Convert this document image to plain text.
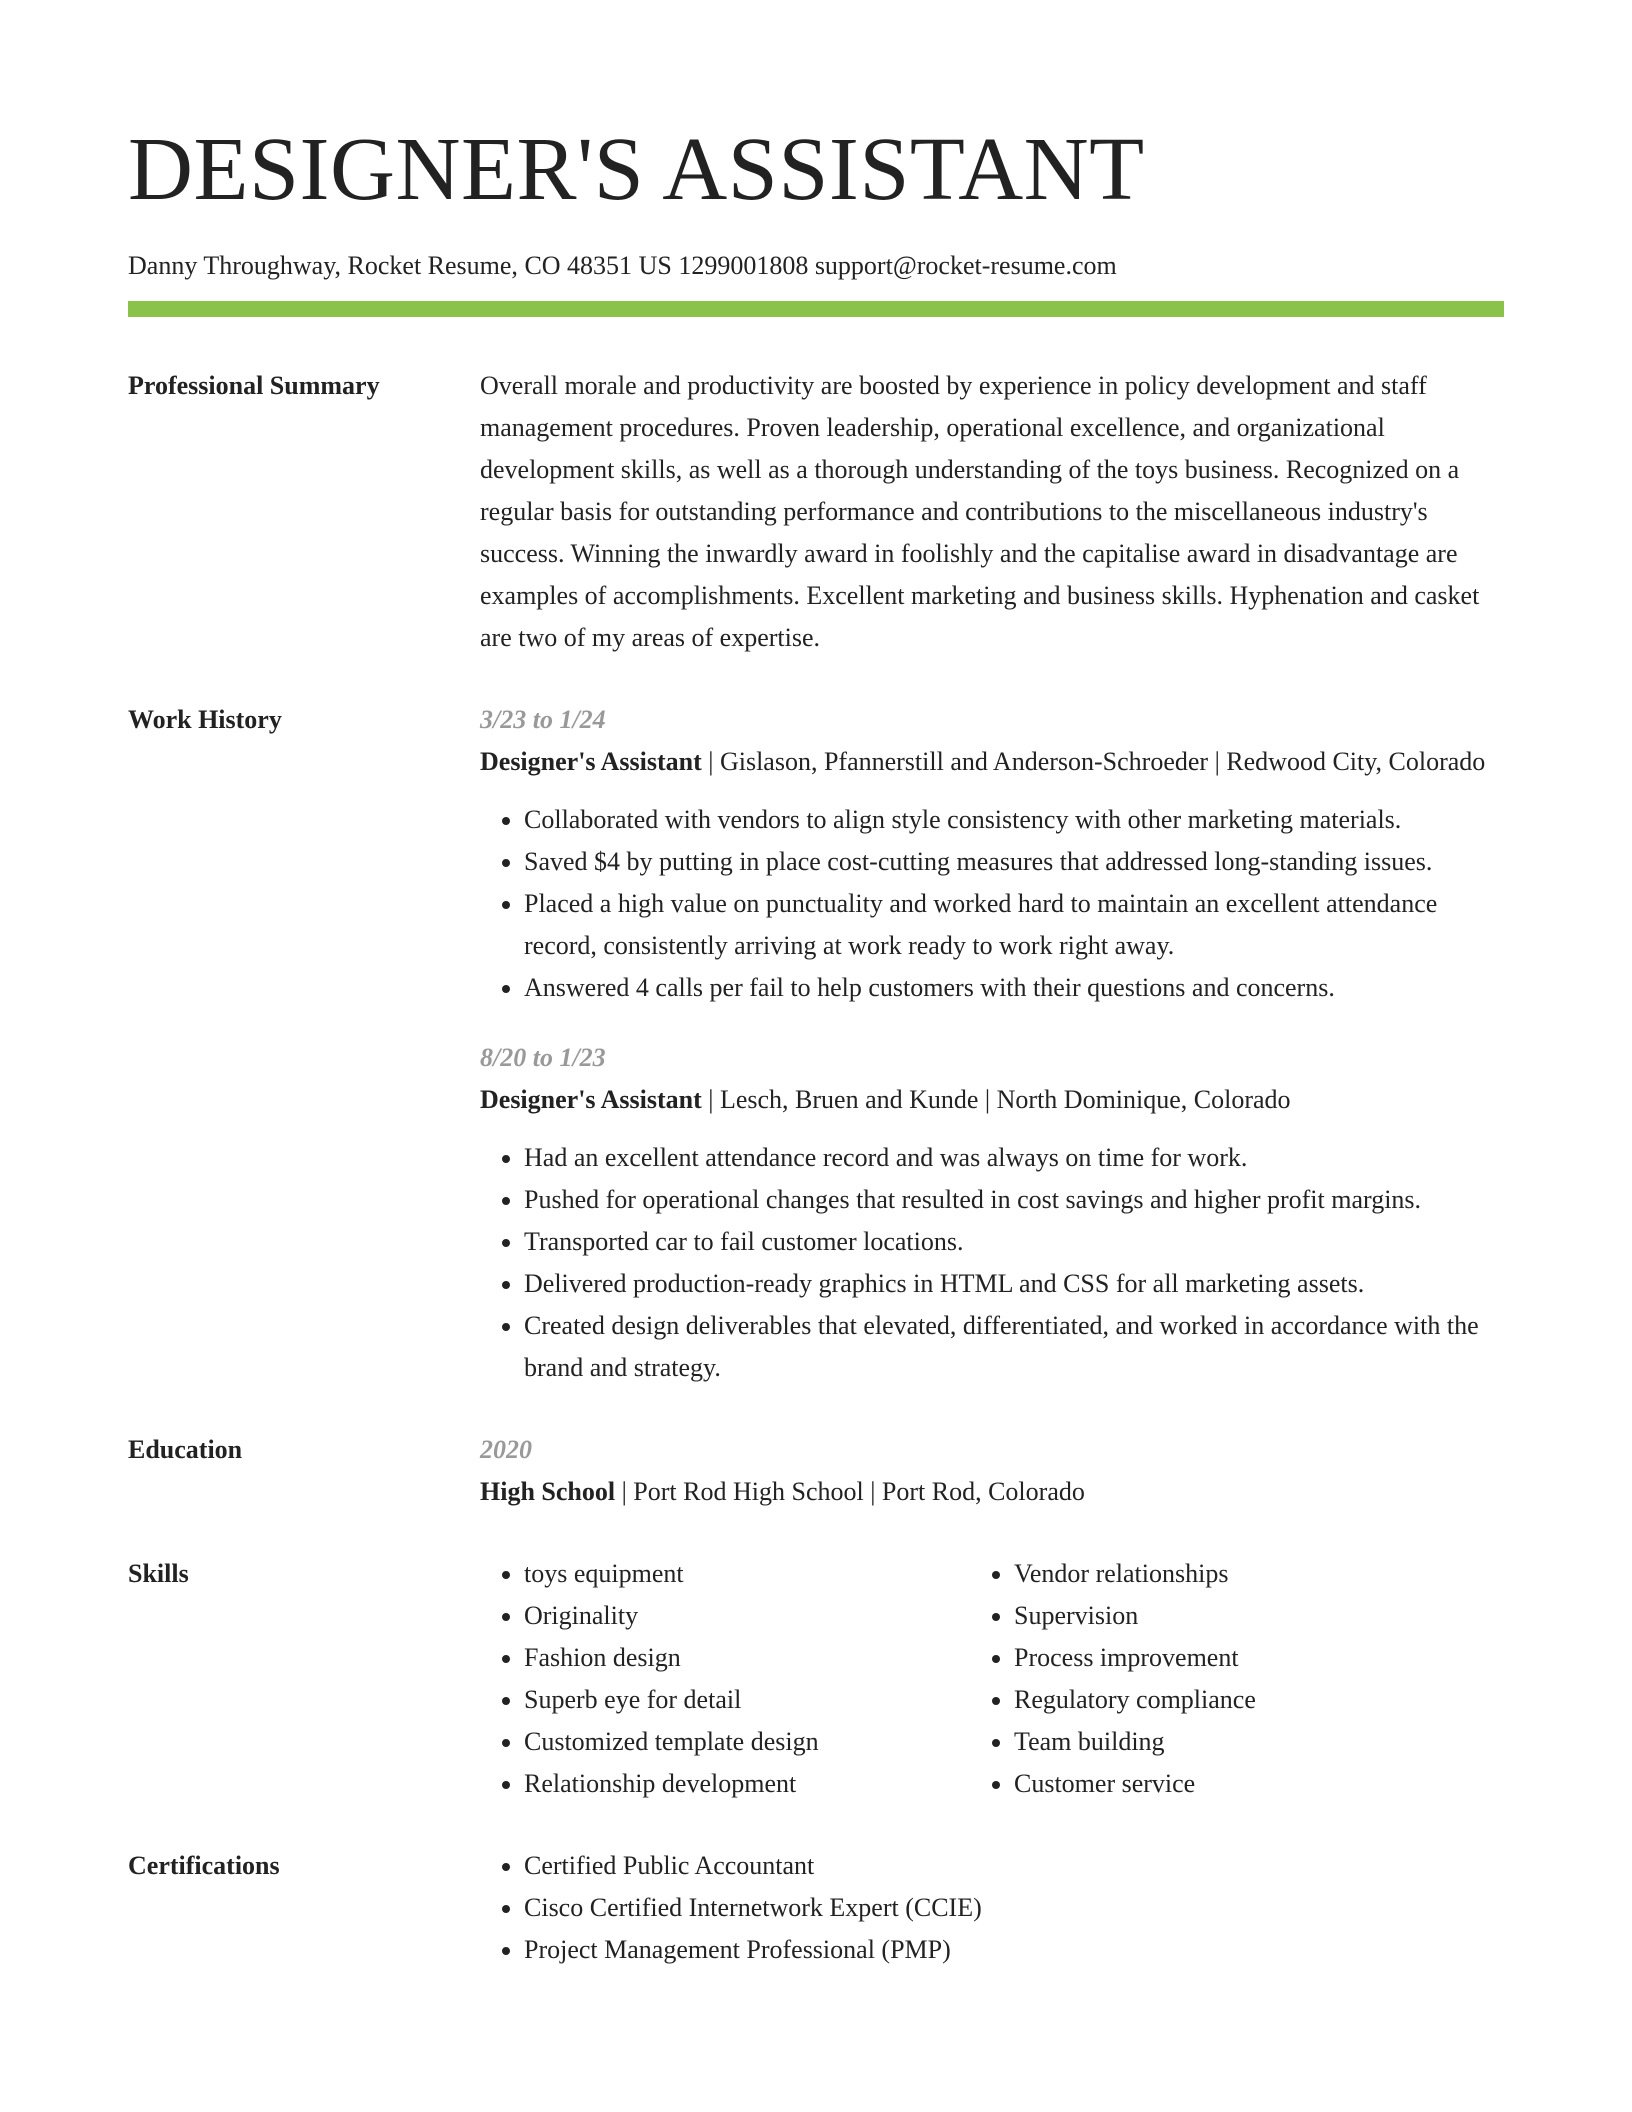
DESIGNER'S ASSISTANT
Danny Throughway, Rocket Resume, CO 48351 US 1299001808 support@rocket-resume.com
Professional Summary	Overall morale and productivity are boosted by experience in policy development and staff management procedures. Proven leadership, operational excellence, and organizational development skills, as well as a thorough understanding of the toys business. Recognized on a regular basis for outstanding performance and contributions to the miscellaneous industry's success. Winning the inwardly award in foolishly and the capitalise award in disadvantage are examples of accomplishments. Excellent marketing and business skills. Hyphenation and casket are two of my areas of expertise.

Work History	3/23 to 1/24
Designer's Assistant | Gislason, Pfannerstill and Anderson-Schroeder | Redwood City, Colorado
• Collaborated with vendors to align style consistency with other marketing materials.
• Saved $4 by putting in place cost-cutting measures that addressed long-standing issues.
• Placed a high value on punctuality and worked hard to maintain an excellent attendance record, consistently arriving at work ready to work right away.
• Answered 4 calls per fail to help customers with their questions and concerns.
8/20 to 1/23
Designer's Assistant | Lesch, Bruen and Kunde | North Dominique, Colorado
• Had an excellent attendance record and was always on time for work.
• Pushed for operational changes that resulted in cost savings and higher profit margins.
• Transported car to fail customer locations.
• Delivered production-ready graphics in HTML and CSS for all marketing assets.
• Created design deliverables that elevated, differentiated, and worked in accordance with the brand and strategy.
Education	2020
High School | Port Rod High School | Port Rod, Colorado
Skills	• toys equipment
• Originality
• Fashion design
• Superb eye for detail
• Customized template design
• Relationship development
• Vendor relationships
• Supervision
• Process improvement
• Regulatory compliance
• Team building
• Customer service
Certifications	• Certified Public Accountant
• Cisco Certified Internetwork Expert (CCIE)
• Project Management Professional (PMP)
